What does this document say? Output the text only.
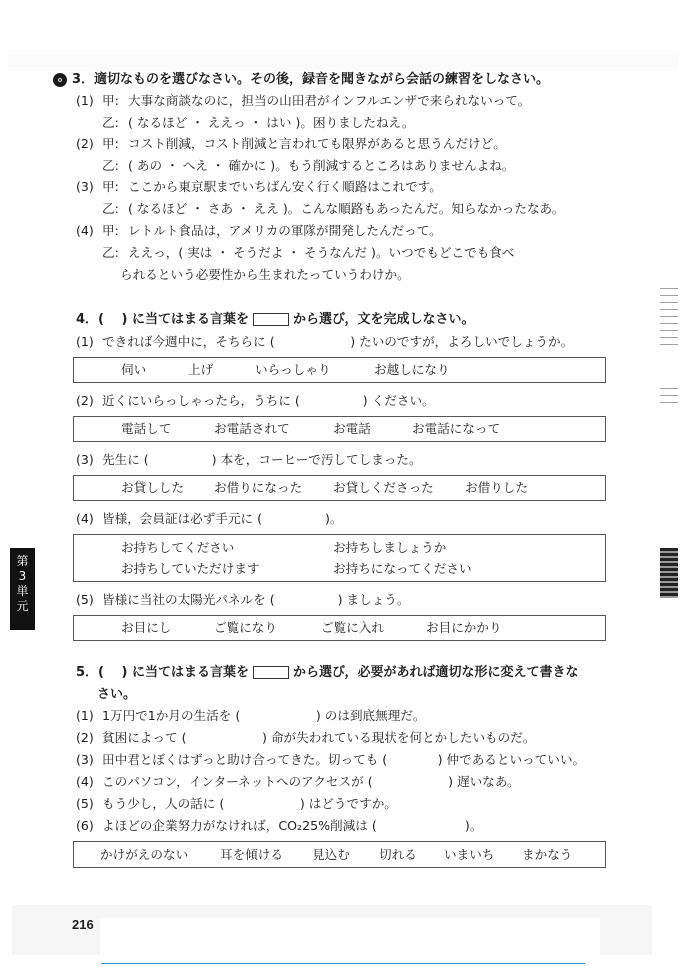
3．適切なものを選びなさい。その後，録音を聞きながら会話の練習をしなさい。
(1) 甲: 大事な商談なのに，担当の山田君がインフルエンザで来られないって。
乙: ( なるほど ・ ええっ ・ はい )。困りましたねえ。
(2) 甲: コスト削減，コスト削減と言われても限界があると思うんだけど。
乙: ( あの ・ へえ ・ 確かに )。もう削減するところはありませんよね。
(3) 甲: ここから東京駅までいちばん安く行く順路はこれです。
乙: ( なるほど ・ さあ ・ ええ )。こんな順路もあったんだ。知らなかったなあ。
(4) 甲: レトルト食品は，アメリカの軍隊が開発したんだって。
乙: ええっ，( 実は ・ そうだよ ・ そうなんだ )。いつでもどこでも食べ
られるという必要性から生まれたっていうわけか。
4．(　 ) に当てはまる言葉を	から選び，文を完成しなさい。
(1) できれば今週中に，そちらに (　　　　　　) たいのですが，よろしいでしょうか。
伺い	上げ	いらっしゃり	お越しになり
(2) 近くにいらっしゃったら，うちに (　　　　　) ください。
電話して	お電話されて	お電話	お電話になって
(3) 先生に (　　　　　) 本を，コーヒーで汚してしまった。
お貸しした お借りになった お貸しくださった お借りした
(4) 皆様，会員証は必ず手元に (　　　　　)。
お持ちしてください	お持ちしましょうか
お持ちしていただけます	お持ちになってください
(5) 皆様に当社の太陽光パネルを (　　　　　) ましょう。
お目にし	ご覧になり	ご覧に入れ	お目にかかり
5．(　 ) に当てはまる言葉を	から選び，必要があれば適切な形に変えて書きな
さい。
(1) 1万円で1か月の生活を (　　　　　　) のは到底無理だ。
(2) 貧困によって (　　　　　　) 命が失われている現状を何とかしたいものだ。
(3) 田中君とぼくはずっと助け合ってきた。切っても (　　　　) 仲であるといっていい。
(4) このパソコン，インターネットへのアクセスが (　　　　　　) 遅いなあ。
(5) もう少し，人の話に (　　　　　　) はどうですか。
(6) よほどの企業努力がなければ，CO₂25%削減は (　　　　　　　)。
かけがえのない	耳を傾ける 見込む 切れる いまいち まかなう
第
3
単
元
216
